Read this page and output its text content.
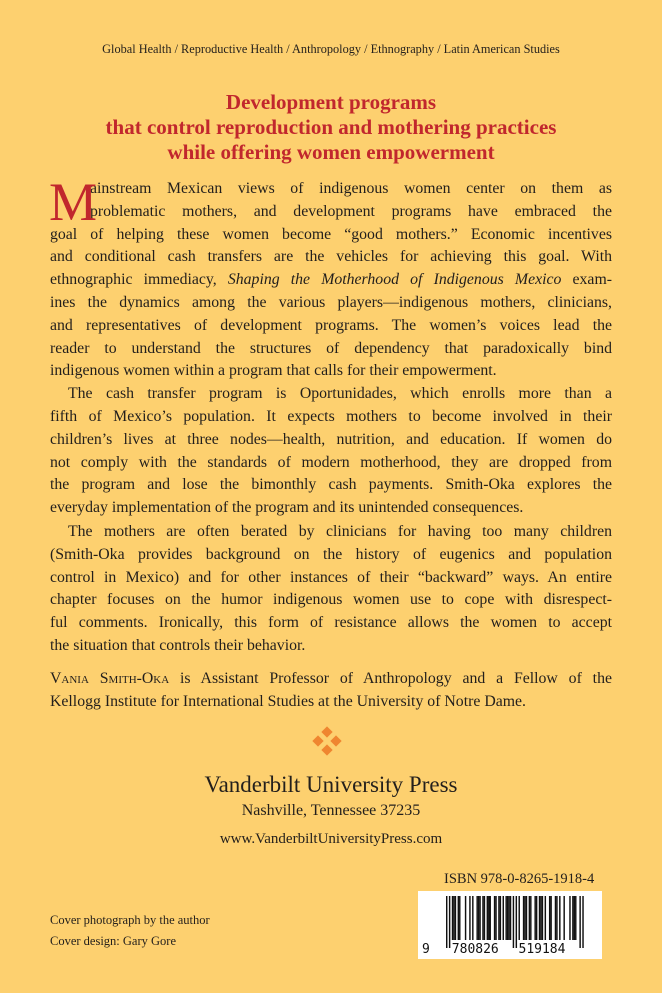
Global Health / Reproductive Health / Anthropology / Ethnography / Latin American Studies
Development programs
that control reproduction and mothering practices
while offering women empowerment
M
ainstream Mexican views of indigenous women center on them as
problematic mothers, and development programs have embraced the
goal of helping these women become “good mothers.” Economic incentives
and conditional cash transfers are the vehicles for achieving this goal. With
ethnographic immediacy, Shaping the Motherhood of Indigenous Mexico exam-
ines the dynamics among the various players—indigenous mothers, clinicians,
and representatives of development programs. The women’s voices lead the
reader to understand the structures of dependency that paradoxically bind
indigenous women within a program that calls for their empowerment.
The cash transfer program is Oportunidades, which enrolls more than a
fifth of Mexico’s population. It expects mothers to become involved in their
children’s lives at three nodes—health, nutrition, and education. If women do
not comply with the standards of modern motherhood, they are dropped from
the program and lose the bimonthly cash payments. Smith-Oka explores the
everyday implementation of the program and its unintended consequences.
The mothers are often berated by clinicians for having too many children
(Smith-Oka provides background on the history of eugenics and population
control in Mexico) and for other instances of their “backward” ways. An entire
chapter focuses on the humor indigenous women use to cope with disrespect-
ful comments. Ironically, this form of resistance allows the women to accept
the situation that controls their behavior.
Vania Smith-Oka is Assistant Professor of Anthropology and a Fellow of the
Kellogg Institute for International Studies at the University of Notre Dame.
Vanderbilt University Press
Nashville, Tennessee 37235
www.VanderbiltUniversityPress.com
ISBN 978-0-8265-1918-4
9 780826 519184
Cover photograph by the author
Cover design: Gary Gore
